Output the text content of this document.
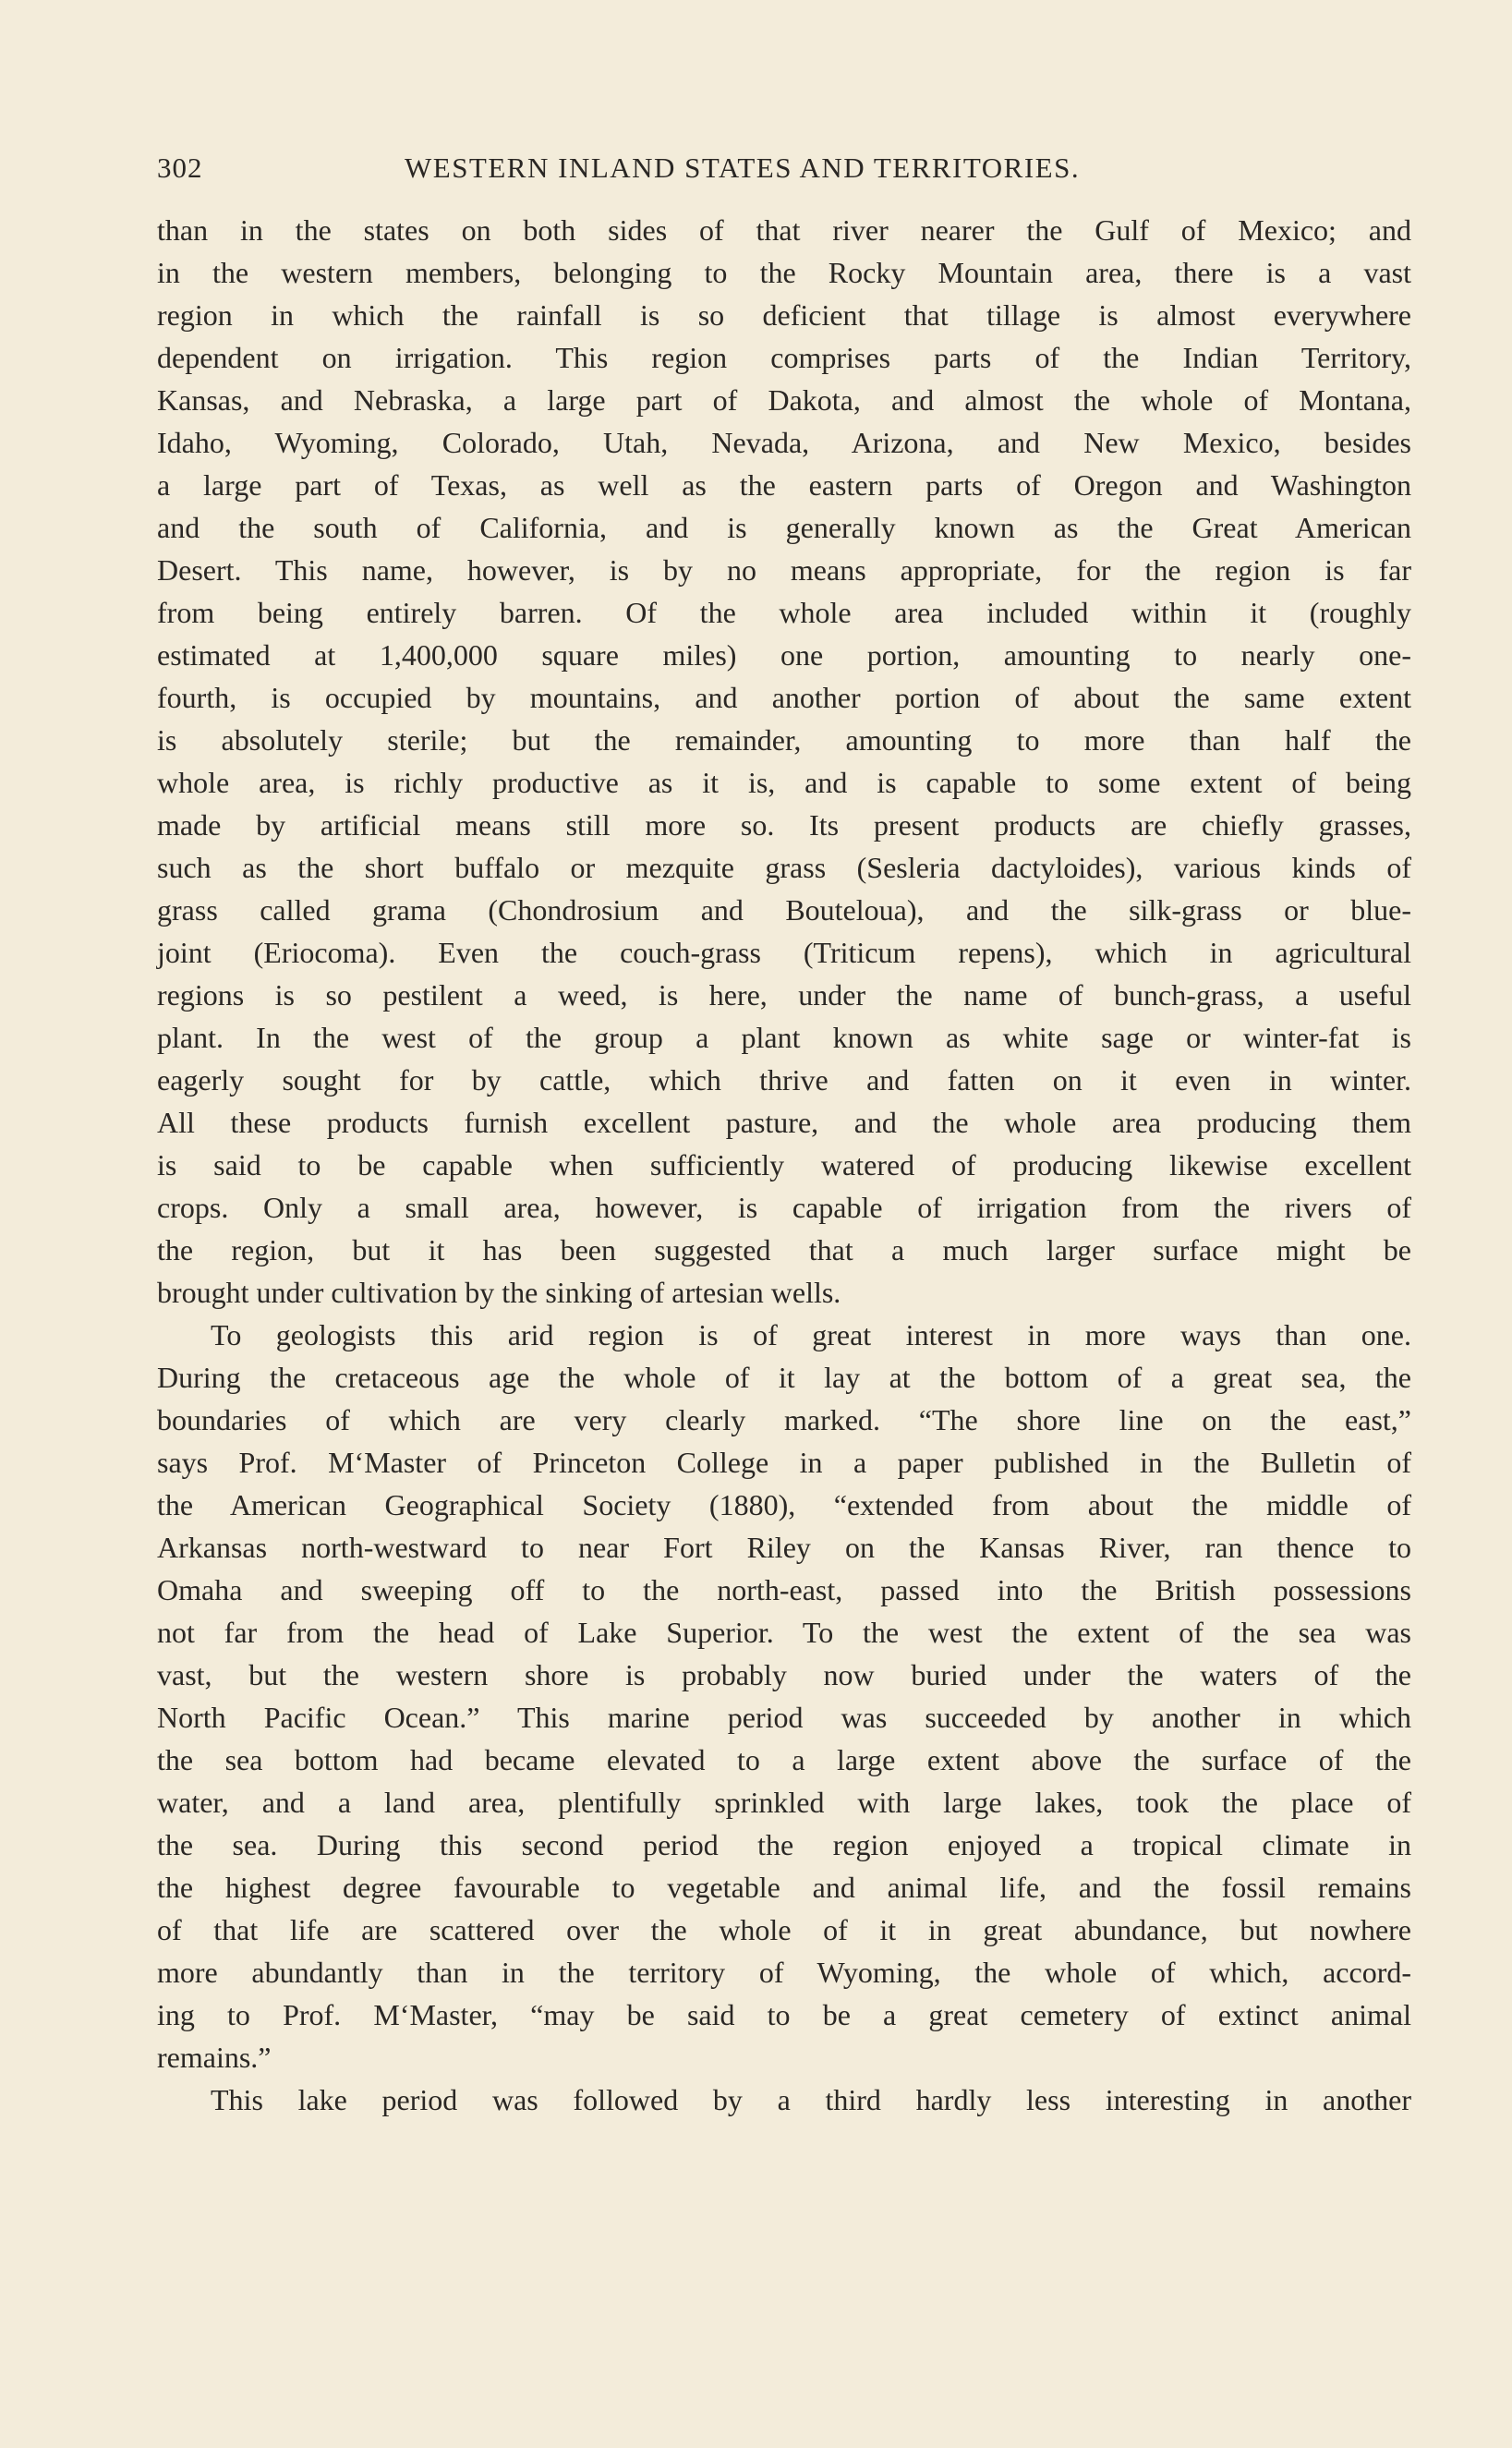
302	WESTERN INLAND STATES AND TERRITORIES.
than in the states on both sides of that river nearer the Gulf of Mexico; and
in the western members, belonging to the Rocky Mountain area, there is a vast
region in which the rainfall is so deficient that tillage is almost everywhere
dependent on irrigation. This region comprises parts of the Indian Territory,
Kansas, and Nebraska, a large part of Dakota, and almost the whole of Montana,
Idaho, Wyoming, Colorado, Utah, Nevada, Arizona, and New Mexico, besides
a large part of Texas, as well as the eastern parts of Oregon and Washington
and the south of California, and is generally known as the Great American
Desert. This name, however, is by no means appropriate, for the region is far
from being entirely barren. Of the whole area included within it (roughly
estimated at 1,400,000 square miles) one portion, amounting to nearly one-
fourth, is occupied by mountains, and another portion of about the same extent
is absolutely sterile; but the remainder, amounting to more than half the
whole area, is richly productive as it is, and is capable to some extent of being
made by artificial means still more so. Its present products are chiefly grasses,
such as the short buffalo or mezquite grass (Sesleria dactyloides), various kinds of
grass called grama (Chondrosium and Bouteloua), and the silk-grass or blue-
joint (Eriocoma). Even the couch-grass (Triticum repens), which in agricultural
regions is so pestilent a weed, is here, under the name of bunch-grass, a useful
plant. In the west of the group a plant known as white sage or winter-fat is
eagerly sought for by cattle, which thrive and fatten on it even in winter.
All these products furnish excellent pasture, and the whole area producing them
is said to be capable when sufficiently watered of producing likewise excellent
crops. Only a small area, however, is capable of irrigation from the rivers of
the region, but it has been suggested that a much larger surface might be
brought under cultivation by the sinking of artesian wells.
To geologists this arid region is of great interest in more ways than one.
During the cretaceous age the whole of it lay at the bottom of a great sea, the
boundaries of which are very clearly marked. “The shore line on the east,”
says Prof. M‘Master of Princeton College in a paper published in the Bulletin of
the American Geographical Society (1880), “extended from about the middle of
Arkansas north-westward to near Fort Riley on the Kansas River, ran thence to
Omaha and sweeping off to the north-east, passed into the British possessions
not far from the head of Lake Superior. To the west the extent of the sea was
vast, but the western shore is probably now buried under the waters of the
North Pacific Ocean.” This marine period was succeeded by another in which
the sea bottom had became elevated to a large extent above the surface of the
water, and a land area, plentifully sprinkled with large lakes, took the place of
the sea. During this second period the region enjoyed a tropical climate in
the highest degree favourable to vegetable and animal life, and the fossil remains
of that life are scattered over the whole of it in great abundance, but nowhere
more abundantly than in the territory of Wyoming, the whole of which, accord-
ing to Prof. M‘Master, “may be said to be a great cemetery of extinct animal
remains.”
This lake period was followed by a third hardly less interesting in another
